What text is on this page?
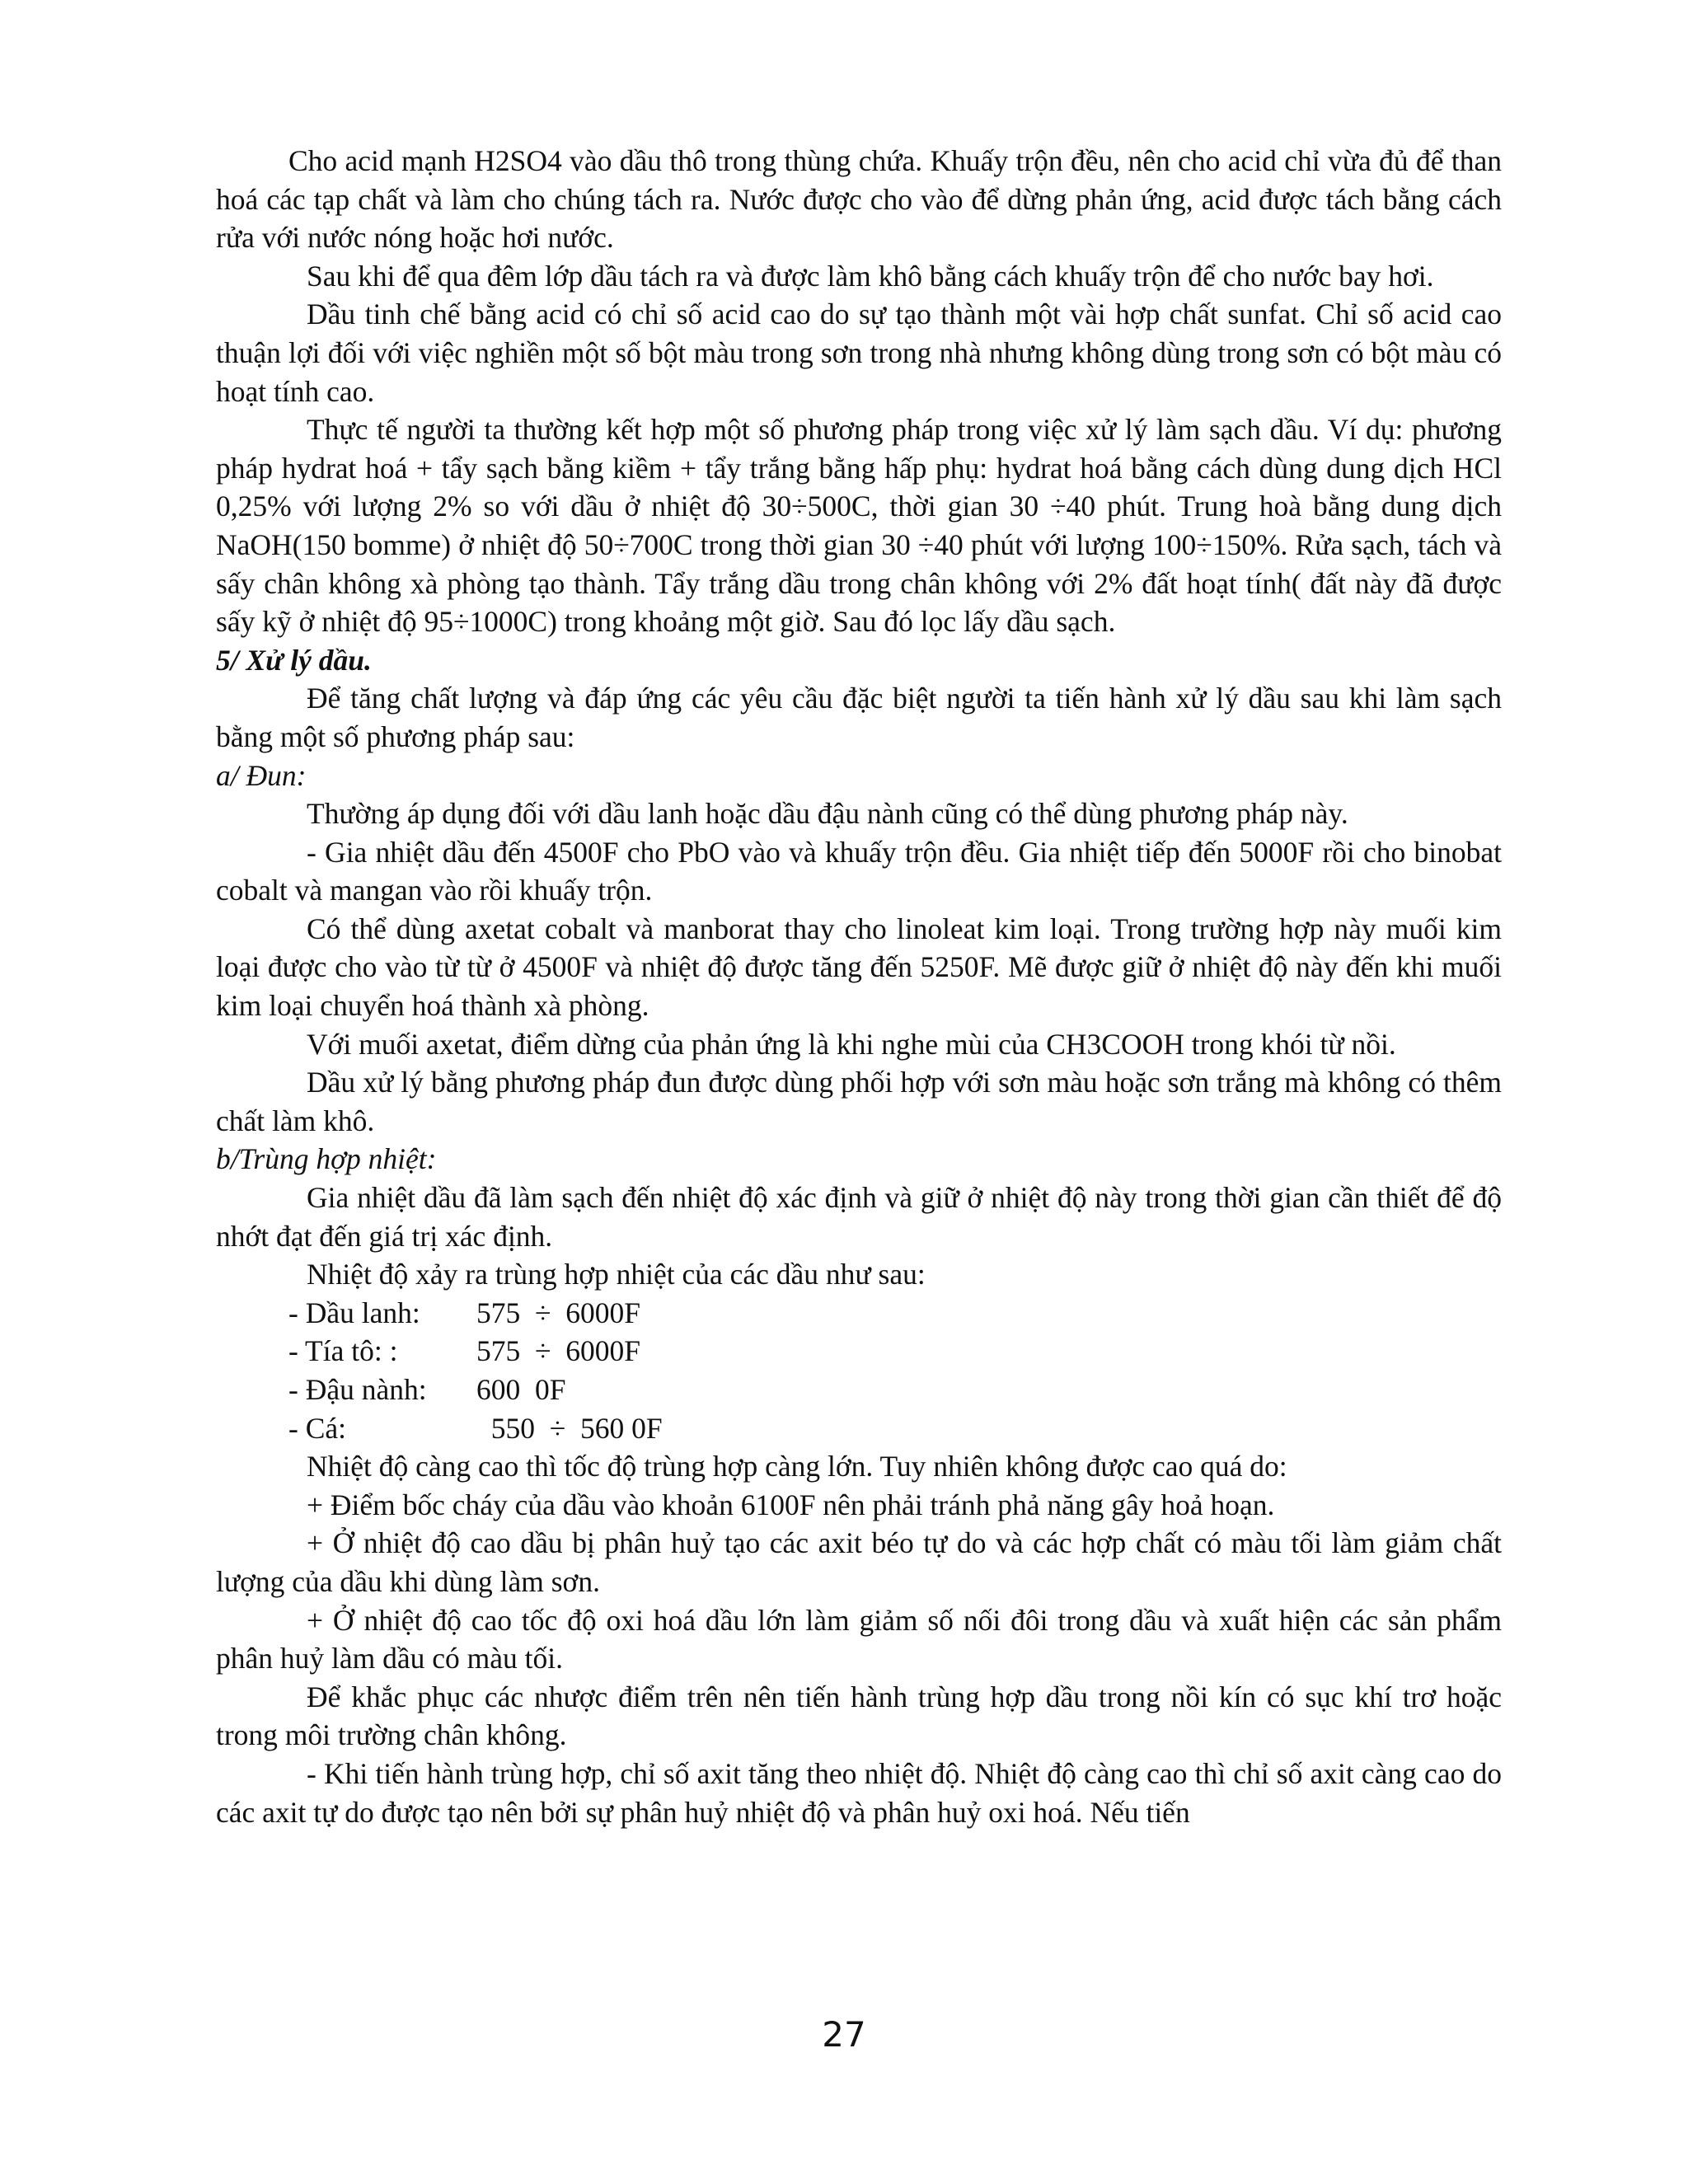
Cho acid mạnh H2SO4 vào dầu thô trong thùng chứa. Khuấy trộn đều, nên cho acid chỉ vừa đủ để than hoá các tạp chất và làm cho chúng tách ra. Nước được cho vào để dừng phản ứng, acid được tách bằng cách rửa với nước nóng hoặc hơi nước.

Sau khi để qua đêm lớp dầu tách ra và được làm khô bằng cách khuấy trộn để cho nước bay hơi.

Dầu tinh chế bằng acid có chỉ số acid cao do sự tạo thành một vài hợp chất sunfat. Chỉ số acid cao thuận lợi đối với việc nghiền một số bột màu trong sơn trong nhà nhưng không dùng trong sơn có bột màu có hoạt tính cao.

Thực tế người ta thường kết hợp một số phương pháp trong việc xử lý làm sạch dầu. Ví dụ: phương pháp hydrat hoá + tẩy sạch bằng kiềm + tẩy trắng bằng hấp phụ: hydrat hoá bằng cách dùng dung dịch HCl 0,25% với lượng 2% so với dầu ở nhiệt độ 30÷500C, thời gian 30 ÷40 phút. Trung hoà bằng dung dịch NaOH(150 bomme) ở nhiệt độ 50÷700C trong thời gian 30 ÷40 phút với lượng 100÷150%. Rửa sạch, tách và sấy chân không xà phòng tạo thành. Tẩy trắng dầu trong chân không với 2% đất hoạt tính( đất này đã được sấy kỹ ở nhiệt độ 95÷1000C) trong khoảng một giờ. Sau đó lọc lấy dầu sạch.

5/ Xử lý dầu.

Để tăng chất lượng và đáp ứng các yêu cầu đặc biệt người ta tiến hành xử lý dầu sau khi làm sạch bằng một số phương pháp sau:

a/ Đun:

Thường áp dụng đối với dầu lanh hoặc dầu đậu nành cũng có thể dùng phương pháp này.

- Gia nhiệt dầu đến 4500F cho PbO vào và khuấy trộn đều. Gia nhiệt tiếp đến 5000F rồi cho binobat cobalt và mangan vào rồi khuấy trộn.

Có thể dùng axetat cobalt và manborat thay cho linoleat kim loại. Trong trường hợp này muối kim loại được cho vào từ từ ở 4500F và nhiệt độ được tăng đến 5250F. Mẽ được giữ ở nhiệt độ này đến khi muối kim loại chuyển hoá thành xà phòng.

Với muối axetat, điểm dừng của phản ứng là khi nghe mùi của CH3COOH trong khói từ nồi.

Dầu xử lý bằng phương pháp đun được dùng phối hợp với sơn màu hoặc sơn trắng mà không có thêm chất làm khô.

b/Trùng hợp nhiệt:

Gia nhiệt dầu đã làm sạch đến nhiệt độ xác định và giữ ở nhiệt độ này trong thời gian cần thiết để độ nhớt đạt đến giá trị xác định.

Nhiệt độ xảy ra trùng hợp nhiệt của các dầu như sau:

- Dầu lanh: 575  ÷  6000F
- Tía tô: :	575  ÷  6000F
- Đậu nành: 600  0F
- Cá:	550  ÷  560 0F

Nhiệt độ càng cao thì tốc độ trùng hợp càng lớn. Tuy nhiên không được cao quá do:

+ Điểm bốc cháy của dầu vào khoản 6100F nên phải tránh phả năng gây hoả hoạn.

+ Ở nhiệt độ cao dầu bị phân huỷ tạo các axit béo tự do và các hợp chất có màu tối làm giảm chất lượng của dầu khi dùng làm sơn.

+ Ở nhiệt độ cao tốc độ oxi hoá dầu lớn làm giảm số nối đôi trong dầu và xuất hiện các sản phẩm phân huỷ làm dầu có màu tối.

Để khắc phục các nhược điểm trên nên tiến hành trùng hợp dầu trong nồi kín có sục khí trơ hoặc trong môi trường chân không.

- Khi tiến hành trùng hợp, chỉ số axit tăng theo nhiệt độ. Nhiệt độ càng cao thì chỉ số axit càng cao do các axit tự do được tạo nên bởi sự phân huỷ nhiệt độ và phân huỷ oxi hoá. Nếu tiến

27
